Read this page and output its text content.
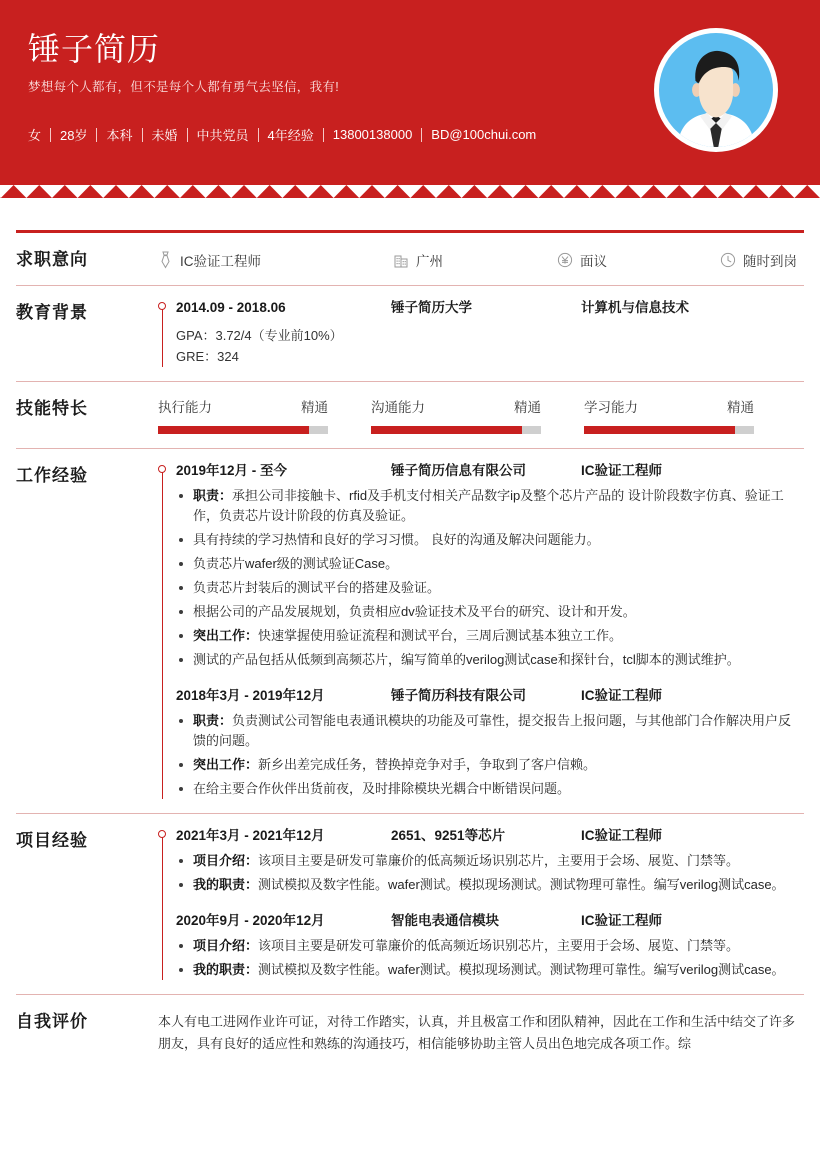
锤子简历
梦想每个人都有，但不是每个人都有勇气去坚信，我有!
女 28岁 本科 未婚 中共党员 4年经验 13800138000 BD@100chui.com
求职意向	IC验证工程师	广州	面议	随时到岗
教育背景	2014.09 - 2018.06	锤子简历大学	计算机与信息技术
GPA：3.72/4（专业前10%）
GRE：324
技能特长	执行能力	精通	沟通能力	精通	学习能力	精通
工作经验	2019年12月 - 至今	锤子简历信息有限公司	IC验证工程师
职责：承担公司非接触卡、rfid及手机支付相关产品数字ip及整个芯片产品的 设计阶段数字仿真、验证工作，负责芯片设计阶段的仿真及验证。
具有持续的学习热情和良好的学习习惯。 良好的沟通及解决问题能力。
负责芯片wafer级的测试验证Case。
负责芯片封装后的测试平台的搭建及验证。
根据公司的产品发展规划，负责相应dv验证技术及平台的研究、设计和开发。
突出工作：快速掌握使用验证流程和测试平台，三周后测试基本独立工作。
测试的产品包括从低频到高频芯片，编写简单的verilog测试case和探针台，tcl脚本的测试维护。
2018年3月 - 2019年12月	锤子简历科技有限公司	IC验证工程师
职责：负责测试公司智能电表通讯模块的功能及可靠性，提交报告上报问题，与其他部门合作解决用户反馈的问题。
突出工作：新乡出差完成任务，替换掉竞争对手，争取到了客户信赖。
在给主要合作伙伴出货前夜，及时排除模块光耦合中断错误问题。
项目经验	2021年3月 - 2021年12月	2651、9251等芯片	IC验证工程师
项目介绍：该项目主要是研发可靠廉价的低高频近场识别芯片，主要用于会场、展览、门禁等。
我的职责：测试模拟及数字性能。wafer测试。模拟现场测试。测试物理可靠性。编写verilog测试case。
2020年9月 - 2020年12月	智能电表通信模块	IC验证工程师
项目介绍：该项目主要是研发可靠廉价的低高频近场识别芯片，主要用于会场、展览、门禁等。
我的职责：测试模拟及数字性能。wafer测试。模拟现场测试。测试物理可靠性。编写verilog测试case。
自我评价	本人有电工进网作业许可证，对待工作踏实，认真，并且极富工作和团队精神，因此在工作和生活中结交了许多朋友，具有良好的适应性和熟练的沟通技巧，相信能够协助主管人员出色地完成各项工作。综
